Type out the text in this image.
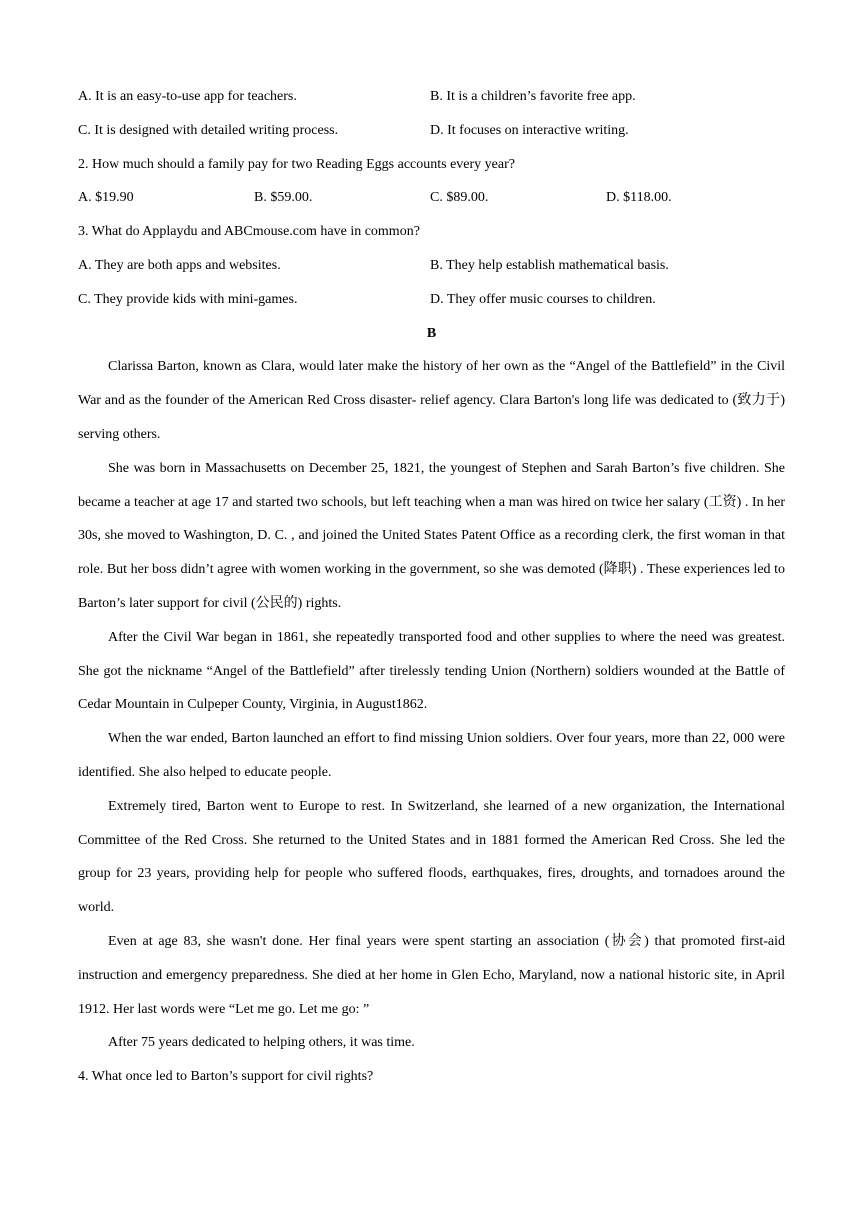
A. It is an easy-to-use app for teachers.	B. It is a children’s favorite free app.
C. It is designed with detailed writing process.	D. It focuses on interactive writing.
2. How much should a family pay for two Reading Eggs accounts every year?
A. $19.90	B. $59.00.	C. $89.00.	D. $118.00.
3. What do Applaydu and ABCmouse.com have in common?
A. They are both apps and websites.	B. They help establish mathematical basis.
C. They provide kids with mini-games.	D. They offer music courses to children.
B

Clarissa Barton, known as Clara, would later make the history of her own as the “Angel of the Battlefield” in the Civil War and as the founder of the American Red Cross disaster- relief agency. Clara Barton's long life was dedicated to (致力于) serving others.

She was born in Massachusetts on December 25, 1821, the youngest of Stephen and Sarah Barton’s five children. She became a teacher at age 17 and started two schools, but left teaching when a man was hired on twice her salary (工资) . In her 30s, she moved to Washington, D. C. , and joined the United States Patent Office as a recording clerk, the first woman in that role. But her boss didn’t agree with women working in the government, so she was demoted (降职) . These experiences led to Barton’s later support for civil (公民的) rights.

After the Civil War began in 1861, she repeatedly transported food and other supplies to where the need was greatest. She got the nickname “Angel of the Battlefield” after tirelessly tending Union (Northern) soldiers wounded at the Battle of Cedar Mountain in Culpeper County, Virginia, in August1862.

When the war ended, Barton launched an effort to find missing Union soldiers. Over four years, more than 22, 000 were identified. She also helped to educate people.

Extremely tired, Barton went to Europe to rest. In Switzerland, she learned of a new organization, the International Committee of the Red Cross. She returned to the United States and in 1881 formed the American Red Cross. She led the group for 23 years, providing help for people who suffered floods, earthquakes, fires, droughts, and tornadoes around the world.

Even at age 83, she wasn't done. Her final years were spent starting an association (协会) that promoted first-aid instruction and emergency preparedness. She died at her home in Glen Echo, Maryland, now a national historic site, in April 1912. Her last words were “Let me go. Let me go: ”

After 75 years dedicated to helping others, it was time.

4. What once led to Barton’s support for civil rights?
